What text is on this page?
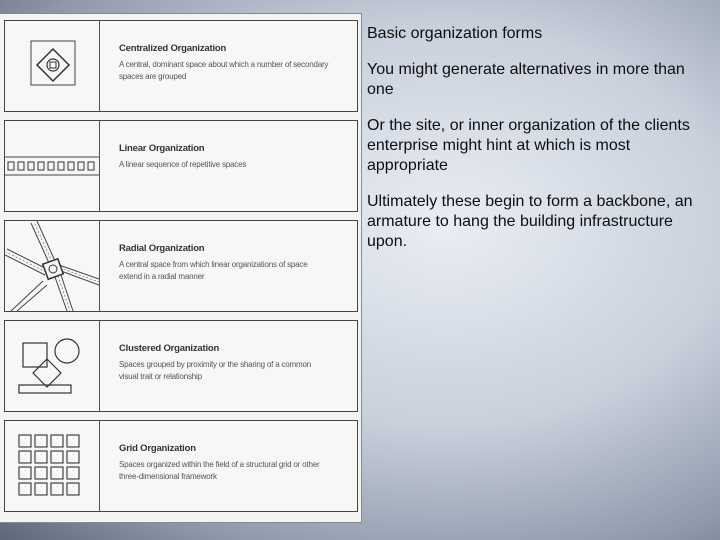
Centralized Organization
A central, dominant space about which a number of secondary spaces are grouped
Linear Organization
A linear sequence of repetitive spaces
Radial Organization
A central space from which linear organizations of space extend in a radial manner
Clustered Organization
Spaces grouped by proximity or the sharing of a common visual trait or relationship
Grid Organization
Spaces organized within the field of a structural grid or other three-dimensional framework

Basic organization forms

You might generate alternatives in more than one

Or the site, or inner organization of the clients enterprise might hint at which is most appropriate

Ultimately these begin to form a backbone, an armature to hang the building infrastructure upon.
